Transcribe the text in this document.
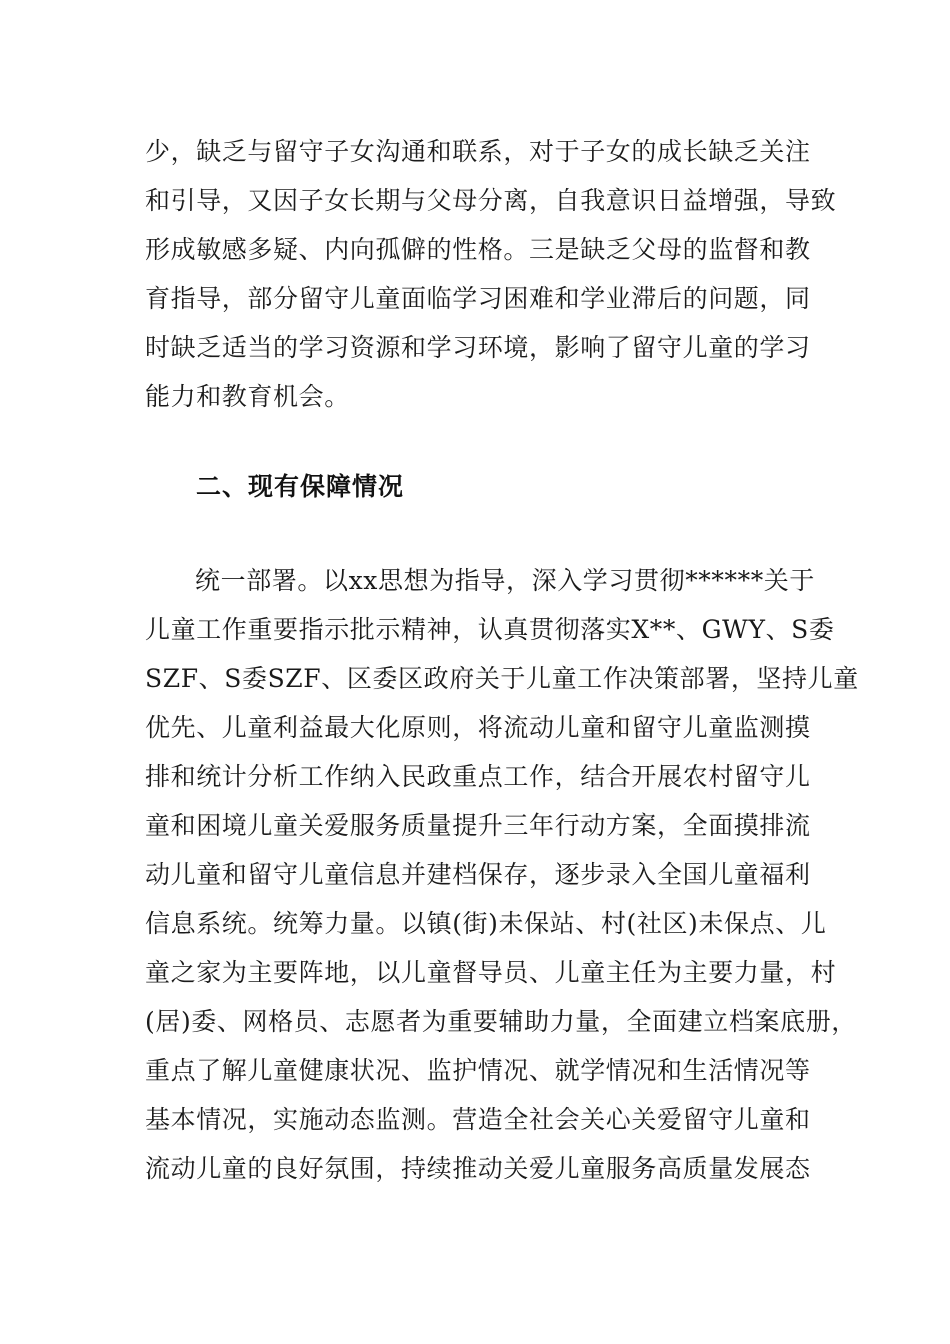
少，缺乏与留守子女沟通和联系，对于子女的成长缺乏关注
和引导，又因子女长期与父母分离，自我意识日益增强，导致
形成敏感多疑、内向孤僻的性格。三是缺乏父母的监督和教
育指导，部分留守儿童面临学习困难和学业滞后的问题，同
时缺乏适当的学习资源和学习环境，影响了留守儿童的学习
能力和教育机会。
二、现有保障情况
统一部署。以xx思想为指导，深入学习贯彻******关于
儿童工作重要指示批示精神，认真贯彻落实X**、GWY、S委
SZF、S委SZF、区委区政府关于儿童工作决策部署，坚持儿童
优先、儿童利益最大化原则，将流动儿童和留守儿童监测摸
排和统计分析工作纳入民政重点工作，结合开展农村留守儿
童和困境儿童关爱服务质量提升三年行动方案，全面摸排流
动儿童和留守儿童信息并建档保存，逐步录入全国儿童福利
信息系统。统筹力量。以镇(街)未保站、村(社区)未保点、儿
童之家为主要阵地，以儿童督导员、儿童主任为主要力量，村
(居)委、网格员、志愿者为重要辅助力量，全面建立档案底册，
重点了解儿童健康状况、监护情况、就学情况和生活情况等
基本情况，实施动态监测。营造全社会关心关爱留守儿童和
流动儿童的良好氛围，持续推动关爱儿童服务高质量发展态
